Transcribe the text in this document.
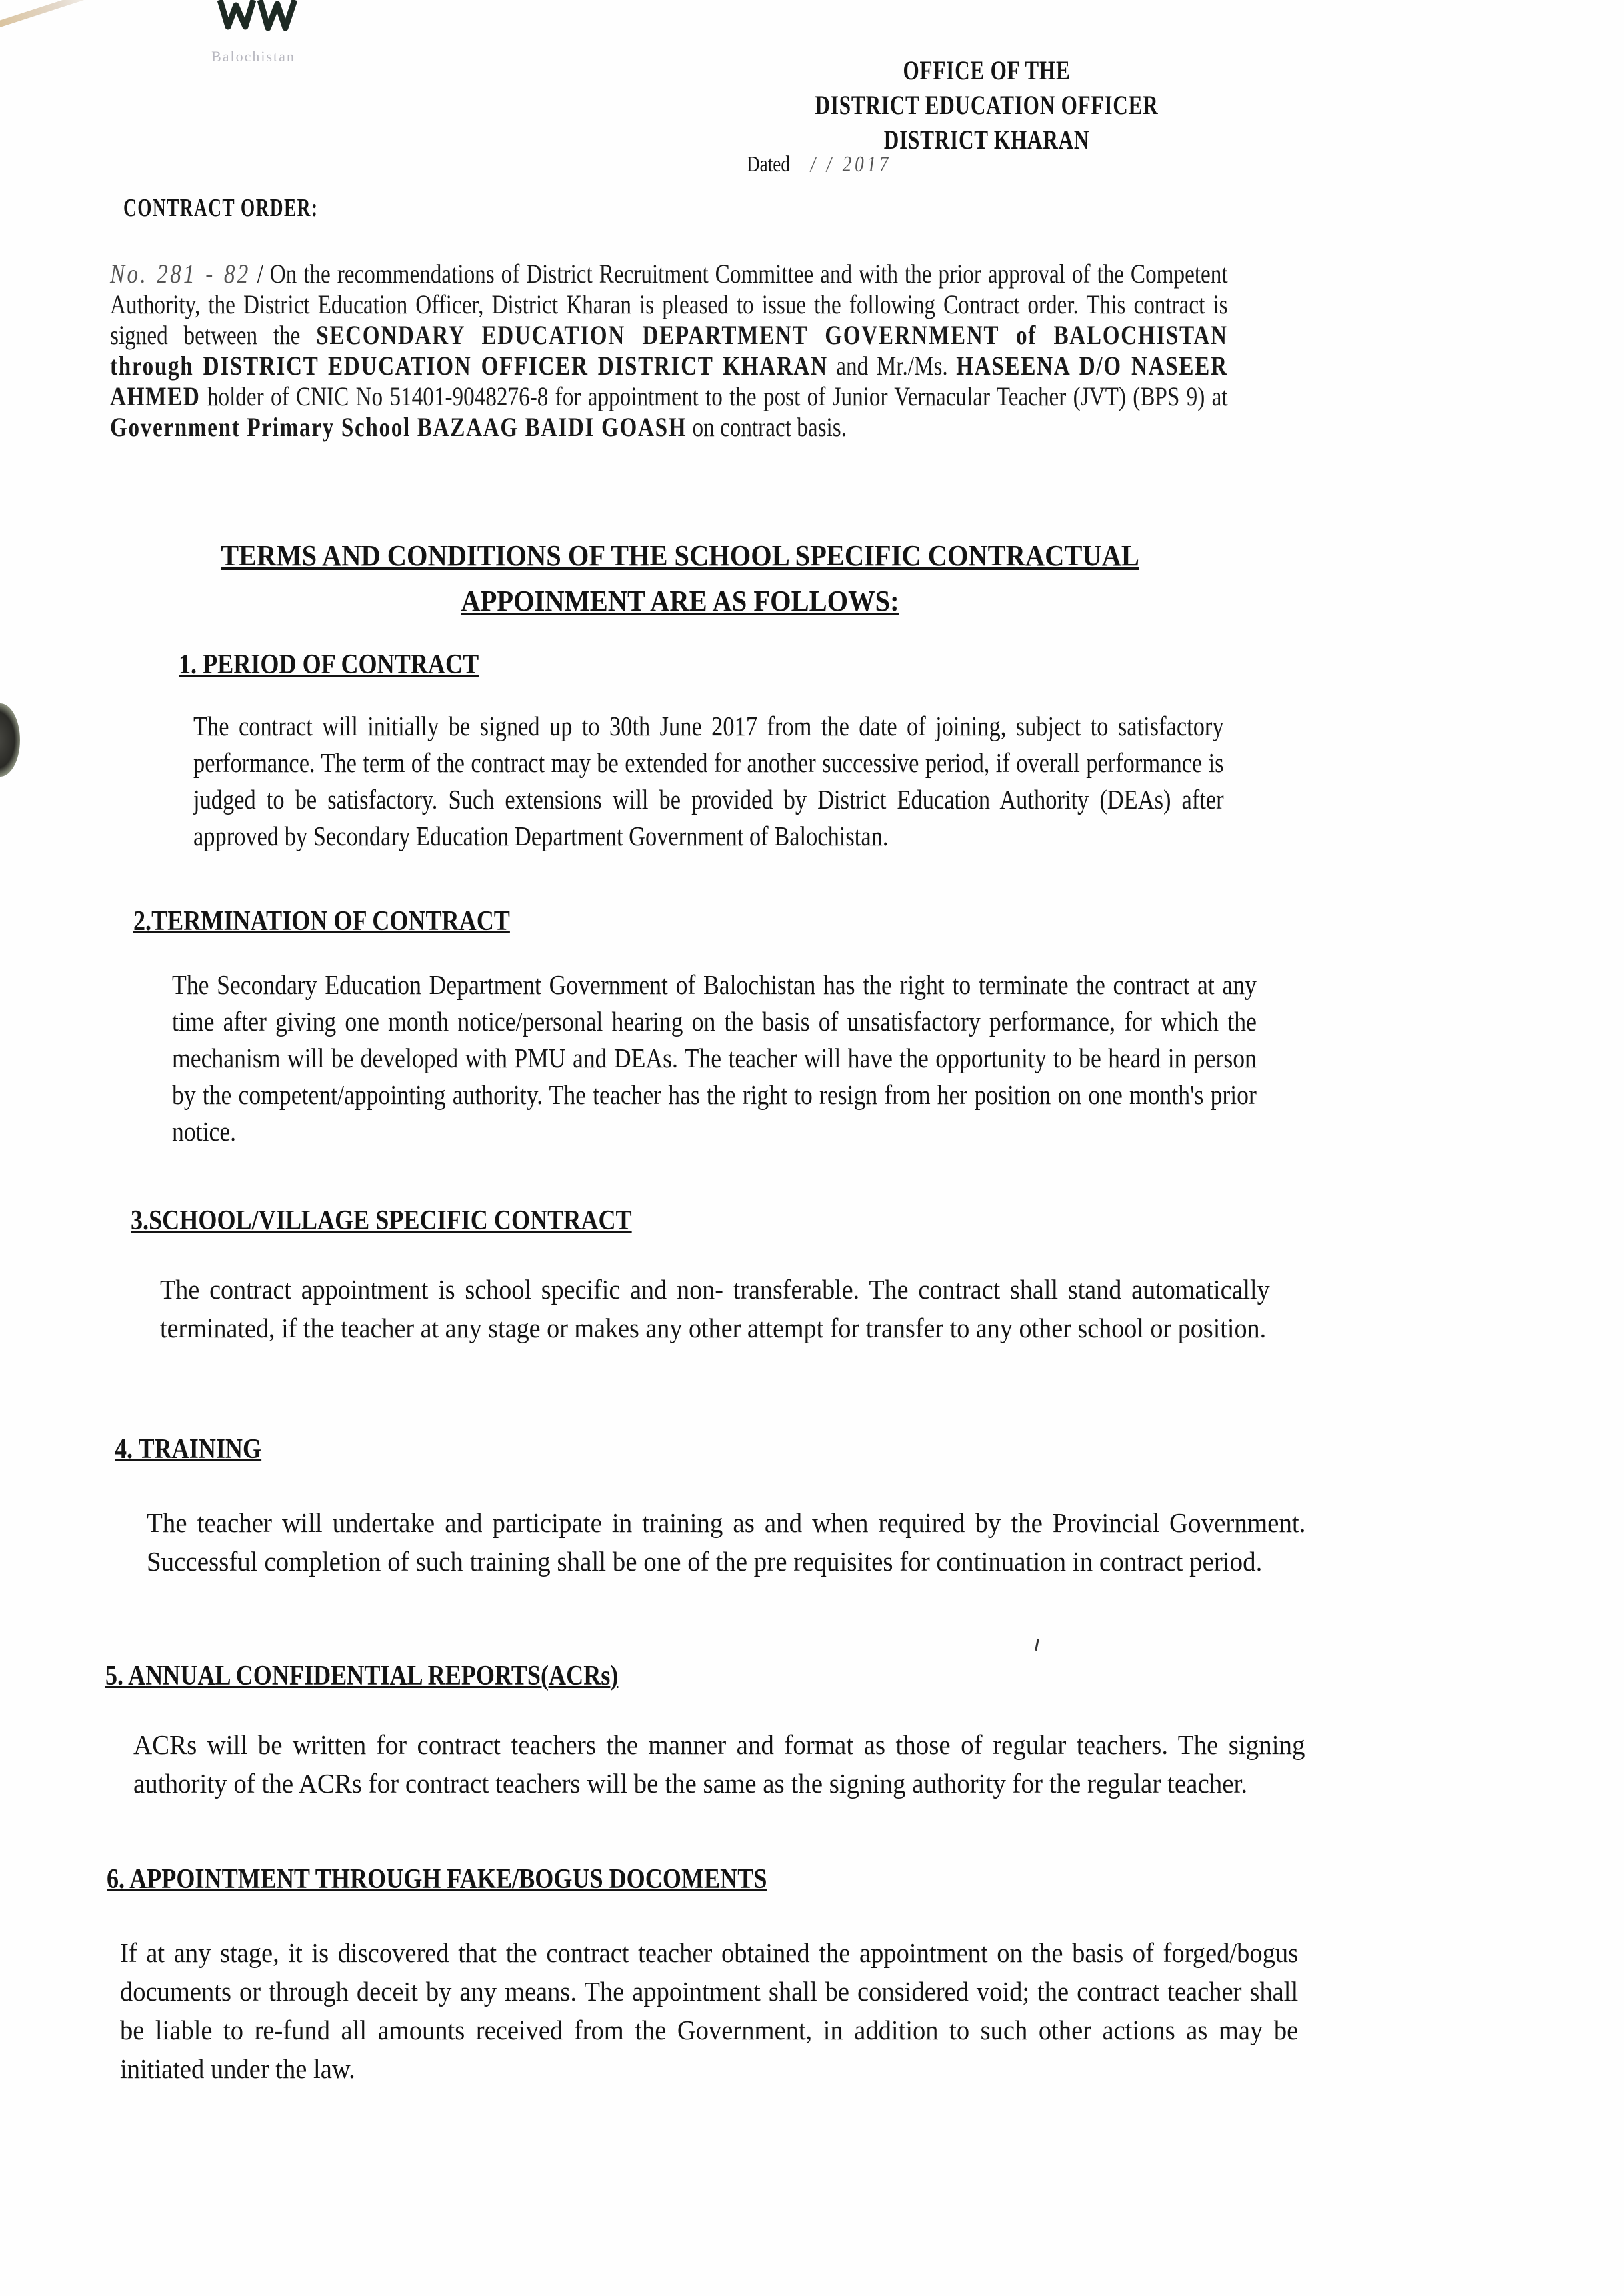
Balochistan	OFFICE OF THE
DISTRICT EDUCATION OFFICER
DISTRICT KHARAN
Dated / / 2017
CONTRACT ORDER:
No. 281 - 82 / On the recommendations of District Recruitment Committee and with the prior approval of the Competent Authority, the District Education Officer, District Kharan is pleased to issue the following Contract order. This contract is signed between the SECONDARY EDUCATION DEPARTMENT GOVERNMENT of BALOCHISTAN through DISTRICT EDUCATION OFFICER DISTRICT KHARAN and Mr./Ms. HASEENA D/O NASEER AHMED holder of CNIC No 51401-9048276-8 for appointment to the post of Junior Vernacular Teacher (JVT) (BPS 9) at Government Primary School BAZAAG BAIDI GOASH on contract basis.
TERMS AND CONDITIONS OF THE SCHOOL SPECIFIC CONTRACTUAL
APPOINMENT ARE AS FOLLOWS:
1. PERIOD OF CONTRACT
The contract will initially be signed up to 30th June 2017 from the date of joining, subject to satisfactory performance. The term of the contract may be extended for another successive period, if overall performance is judged to be satisfactory. Such extensions will be provided by District Education Authority (DEAs) after approved by Secondary Education Department Government of Balochistan.
2.TERMINATION OF CONTRACT
The Secondary Education Department Government of Balochistan has the right to terminate the contract at any time after giving one month notice/personal hearing on the basis of unsatisfactory performance, for which the mechanism will be developed with PMU and DEAs. The teacher will have the opportunity to be heard in person by the competent/appointing authority. The teacher has the right to resign from her position on one month's prior notice.
3.SCHOOL/VILLAGE SPECIFIC CONTRACT
The contract appointment is school specific and non- transferable. The contract shall stand automatically terminated, if the teacher at any stage or makes any other attempt for transfer to any other school or position.
4. TRAINING
The teacher will undertake and participate in training as and when required by the Provincial Government. Successful completion of such training shall be one of the pre requisites for continuation in contract period.
5. ANNUAL CONFIDENTIAL REPORTS(ACRs)
ACRs will be written for contract teachers the manner and format as those of regular teachers. The signing authority of the ACRs for contract teachers will be the same as the signing authority for the regular teacher.
6. APPOINTMENT THROUGH FAKE/BOGUS DOCOMENTS
If at any stage, it is discovered that the contract teacher obtained the appointment on the basis of forged/bogus documents or through deceit by any means. The appointment shall be considered void; the contract teacher shall be liable to re-fund all amounts received from the Government, in addition to such other actions as may be initiated under the law.
